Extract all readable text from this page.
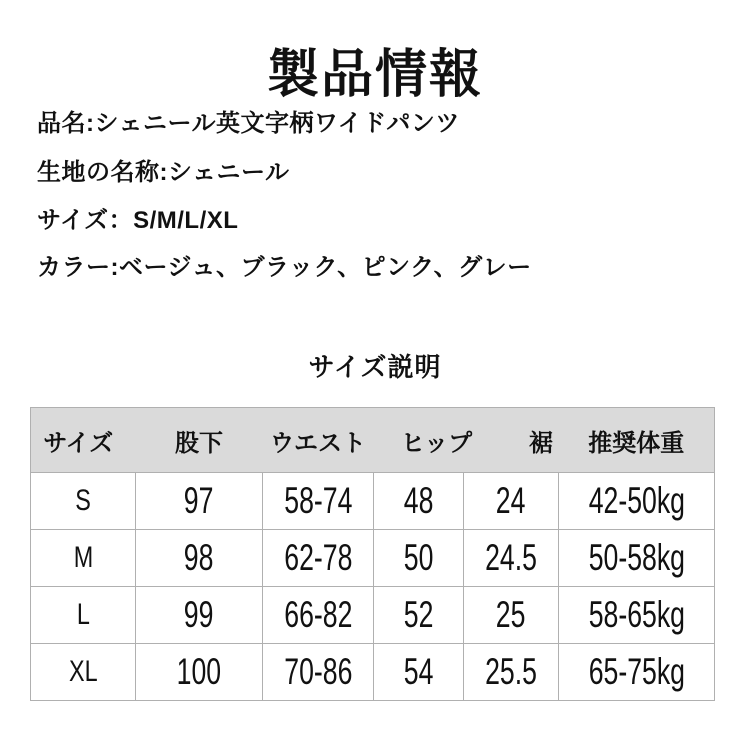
製品情報
品名:シェニール英文字柄ワイドパンツ
生地の名称:シェニール
サイズ：S/M/L/XL
カラー:ベージュ、ブラック、ピンク、グレー
サイズ説明
サイズ	股下	ウエスト	ヒップ	裾	推奨体重
S	97	58-74	48	24	42-50kg
M	98	62-78	50	24.5	50-58kg
L	99	66-82	52	25	58-65kg
XL	100	70-86	54	25.5	65-75kg
